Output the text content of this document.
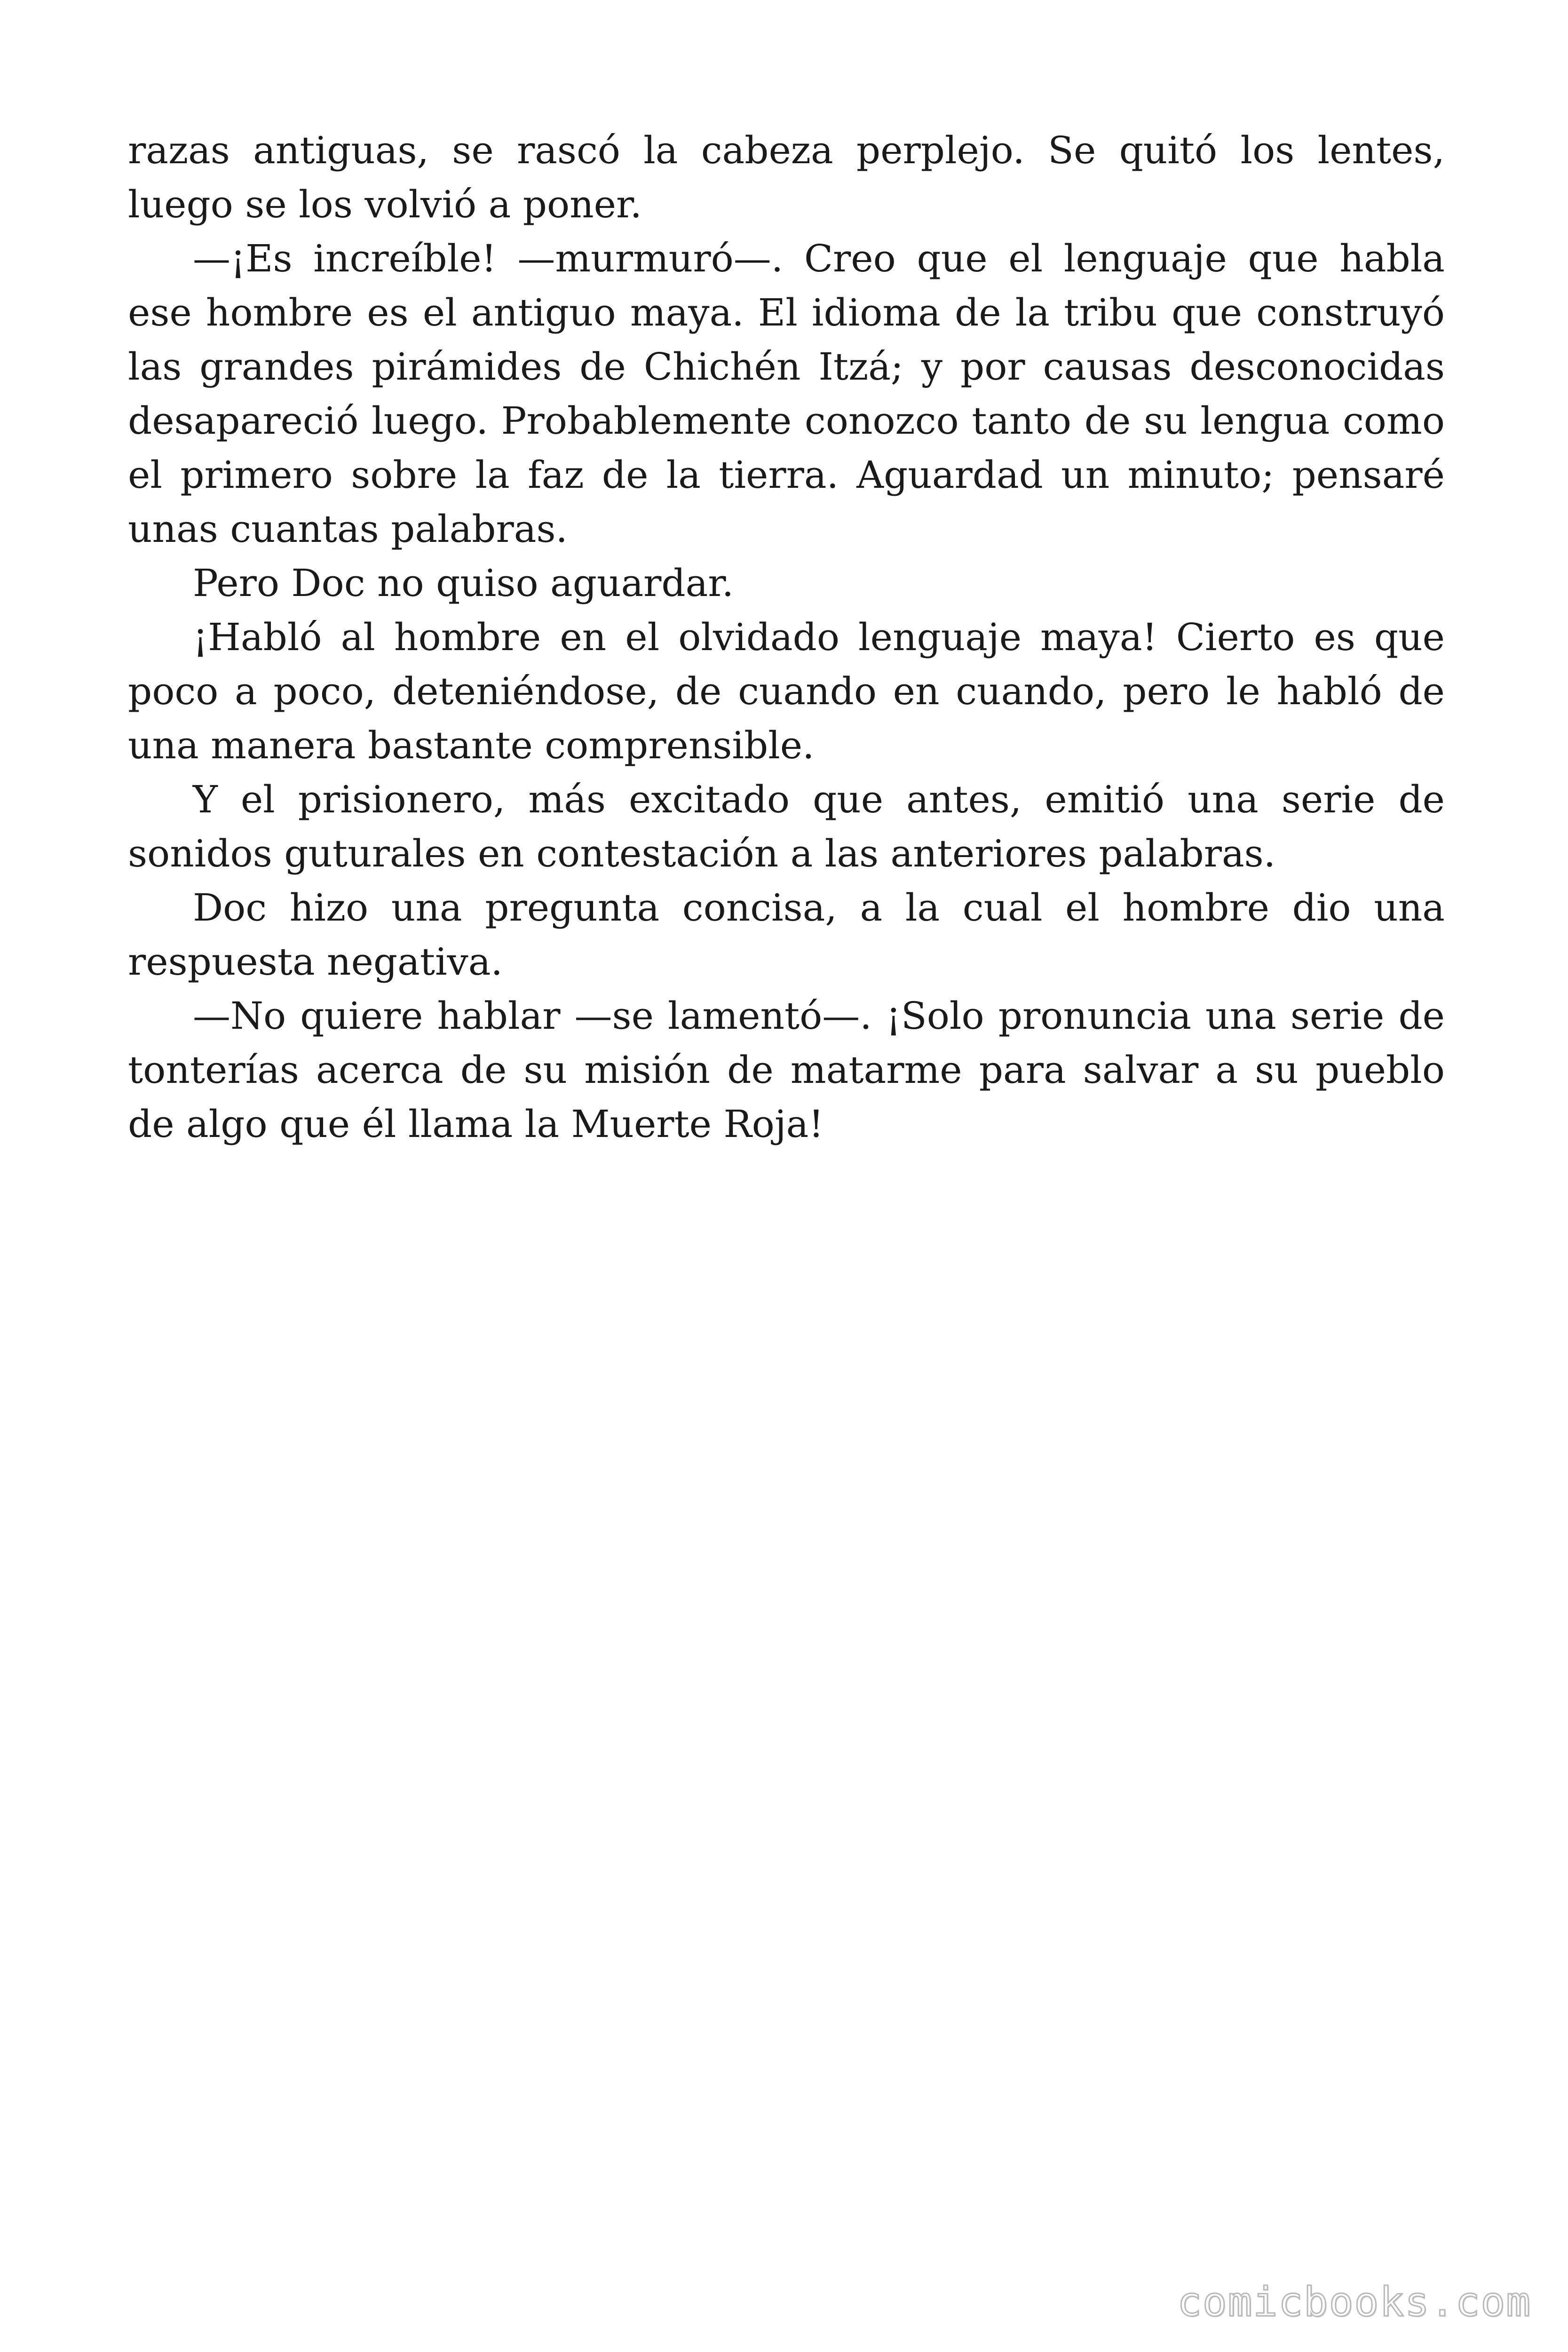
razas antiguas, se rascó la cabeza perplejo. Se quitó los lentes, luego se los volvió a poner.

—¡Es increíble! —murmuró—. Creo que el lenguaje que habla ese hombre es el antiguo maya. El idioma de la tribu que construyó las grandes pirámides de Chichén Itzá; y por causas desconocidas desapareció luego. Probablemente conozco tanto de su lengua como el primero sobre la faz de la tierra. Aguardad un minuto; pensaré unas cuantas palabras.

Pero Doc no quiso aguardar.

¡Habló al hombre en el olvidado lenguaje maya! Cierto es que poco a poco, deteniéndose, de cuando en cuando, pero le habló de una manera bastante comprensible.

Y el prisionero, más excitado que antes, emitió una serie de sonidos guturales en contestación a las anteriores palabras.

Doc hizo una pregunta concisa, a la cual el hombre dio una respuesta negativa.

—No quiere hablar —se lamentó—. ¡Solo pronuncia una serie de tonterías acerca de su misión de matarme para salvar a su pueblo de algo que él llama la Muerte Roja!

comicbooks.com
